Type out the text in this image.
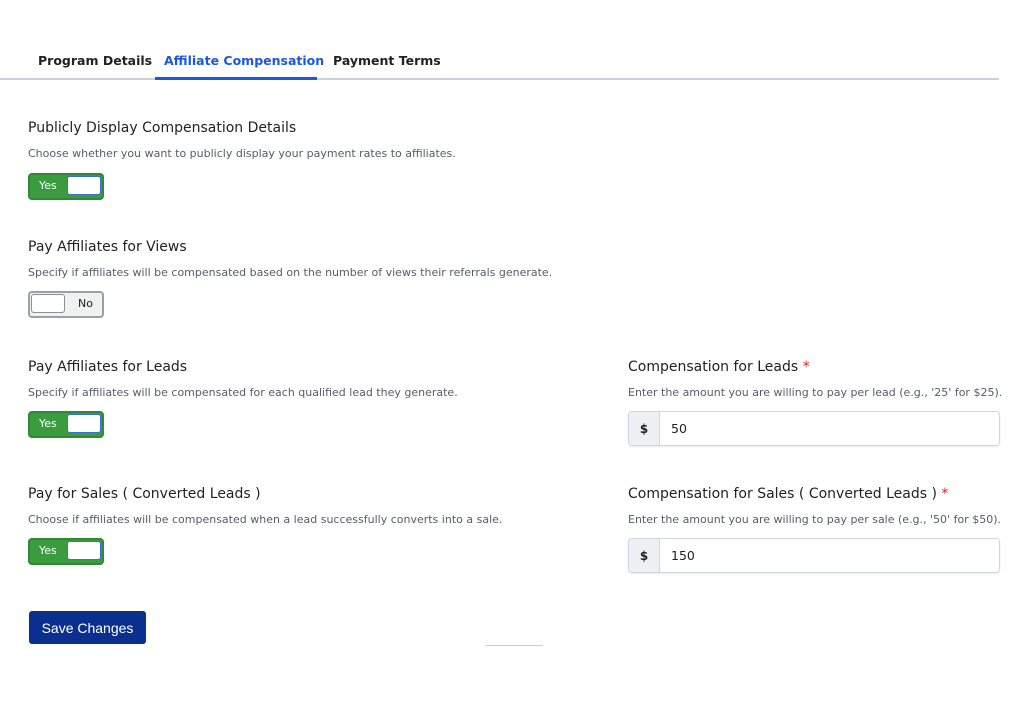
Program Details Affiliate Compensation Payment Terms
Publicly Display Compensation Details
Choose whether you want to publicly display your payment rates to affiliates.
Yes
Pay Affiliates for Views
Specify if affiliates will be compensated based on the number of views their referrals generate.
No
Pay Affiliates for Leads
Specify if affiliates will be compensated for each qualified lead they generate.
Yes
Pay for Sales ( Converted Leads )
Choose if affiliates will be compensated when a lead successfully converts into a sale.
Yes
Compensation for Leads *
Enter the amount you are willing to pay per lead (e.g., '25' for $25).
$
50
Compensation for Sales ( Converted Leads ) *
Enter the amount you are willing to pay per sale (e.g., '50' for $50).
$
150
Save Changes
